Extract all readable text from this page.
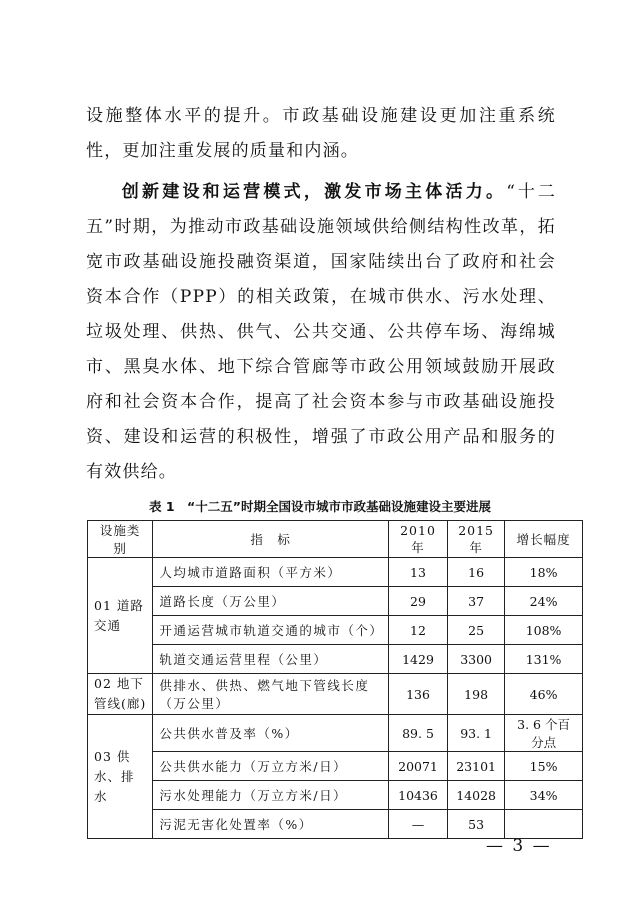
设施整体水平的提升。市政基础设施建设更加注重系统性，更加注重发展的质量和内涵。

创新建设和运营模式，激发市场主体活力。“十二五”时期，为推动市政基础设施领域供给侧结构性改革，拓宽市政基础设施投融资渠道，国家陆续出台了政府和社会资本合作（PPP）的相关政策，在城市供水、污水处理、垃圾处理、供热、供气、公共交通、公共停车场、海绵城市、黑臭水体、地下综合管廊等市政公用领域鼓励开展政府和社会资本合作，提高了社会资本参与市政基础设施投资、建设和运营的积极性，增强了市政公用产品和服务的有效供给。

表 1　“十二五”时期全国设市城市市政基础设施建设主要进展
设施类别	指　标	2010 年	2015 年	增长幅度
01 道路交通	人均城市道路面积（平方米）	13	16	18%
	道路长度（万公里）	29	37	24%
	开通运营城市轨道交通的城市（个）	12	25	108%
	轨道交通运营里程（公里）	1429	3300	131%
02 地下管线(廊)	供排水、供热、燃气地下管线长度（万公里）	136	198	46%
03 供水、排水	公共供水普及率（%）	89. 5	93. 1	3. 6 个百分点
	公共供水能力（万立方米/日）	20071	23101	15%
	污水处理能力（万立方米/日）	10436	14028	34%
	污泥无害化处置率（%）	—	53	
— 3 —
